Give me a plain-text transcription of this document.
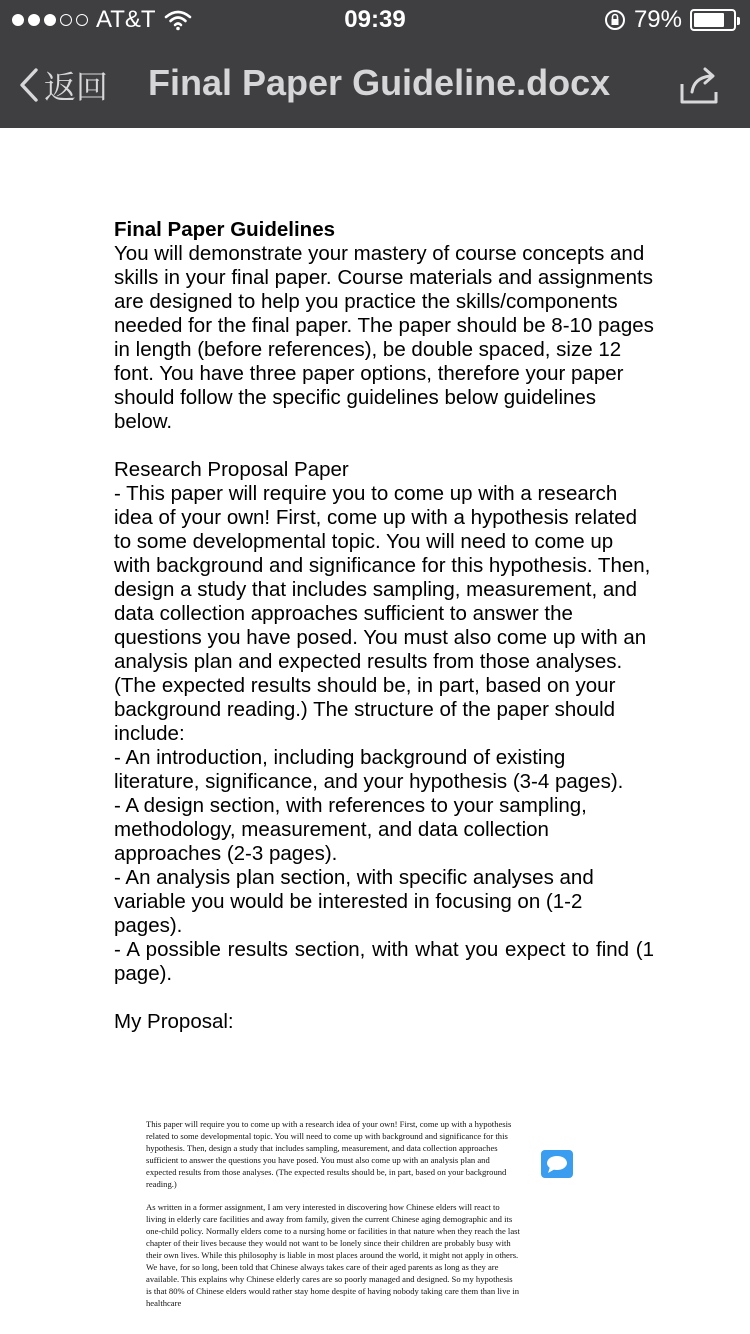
AT&T	09:39	79%
返回 Final Paper Guideline.docx
Final Paper Guidelines

You will demonstrate your mastery of course concepts and skills in your final paper. Course materials and assignments are designed to help you practice the skills/components needed for the final paper. The paper should be 8-10 pages in length (before references), be double spaced, size 12 font. You have three paper options, therefore your paper should follow the specific guidelines below guidelines below.

Research Proposal Paper

- This paper will require you to come up with a research idea of your own! First, come up with a hypothesis related to some developmental topic. You will need to come up with background and significance for this hypothesis. Then, design a study that includes sampling, measurement, and data collection approaches sufficient to answer the questions you have posed. You must also come up with an analysis plan and expected results from those analyses. (The expected results should be, in part, based on your background reading.) The structure of the paper should include:

- An introduction, including background of existing literature, significance, and your hypothesis (3-4 pages).

- A design section, with references to your sampling, methodology, measurement, and data collection approaches (2-3 pages).

- An analysis plan section, with specific analyses and variable you would be interested in focusing on (1-2 pages).

- A possible results section, with what you expect to find (1 page).

My Proposal:

This paper will require you to come up with a research idea of your own! First, come up with a hypothesis related to some developmental topic. You will need to come up with background and significance for this hypothesis. Then, design a study that includes sampling, measurement, and data collection approaches sufficient to answer the questions you have posed. You must also come up with an analysis plan and expected results from those analyses. (The expected results should be, in part, based on your background reading.)

As written in a former assignment, I am very interested in discovering how Chinese elders will react to living in elderly care facilities and away from family, given the current Chinese aging demographic and its one-child policy. Normally elders come to a nursing home or facilities in that nature when they reach the last chapter of their lives because they would not want to be lonely since their children are probably busy with their own lives. While this philosophy is liable in most places around the world, it might not apply in others. We have, for so long, been told that Chinese always takes care of their aged parents as long as they are available. This explains why Chinese elderly cares are so poorly managed and designed. So my hypothesis is that 80% of Chinese elders would rather stay home despite of having nobody taking care them than live in healthcare
